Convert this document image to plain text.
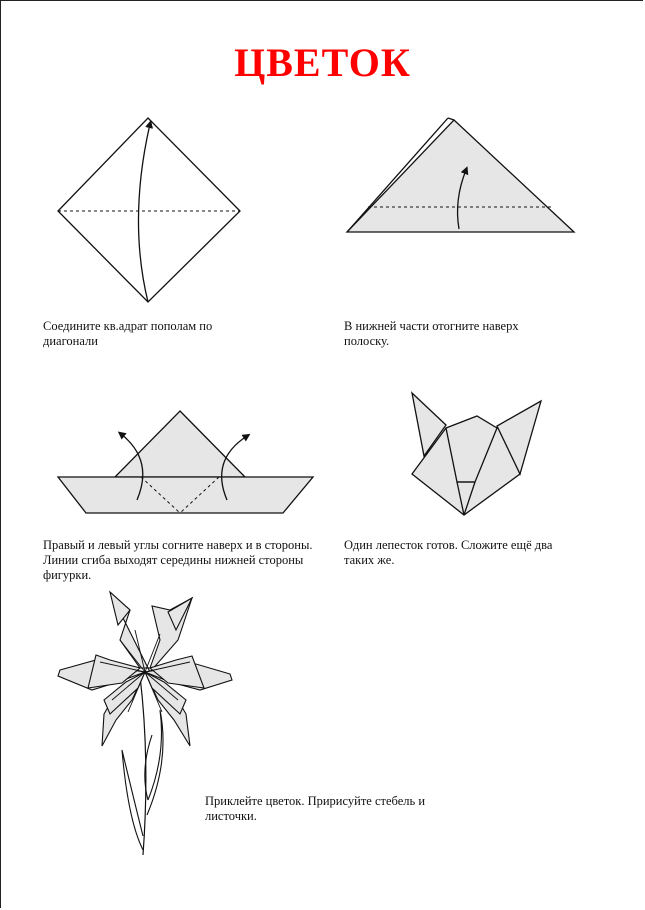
ЦВЕТОК

Соединитe кв.адрат пополам по диагонали

В нижней части отогните наверх полоску.

Правый и левый углы согните наверх и в стороны. Линии сгиба выходят середины нижней стороны фигурки.

Один лепесток готов. Сложите ещё два таких же.

Приклейте цветок. Пририсуйте стебель и листочки.
